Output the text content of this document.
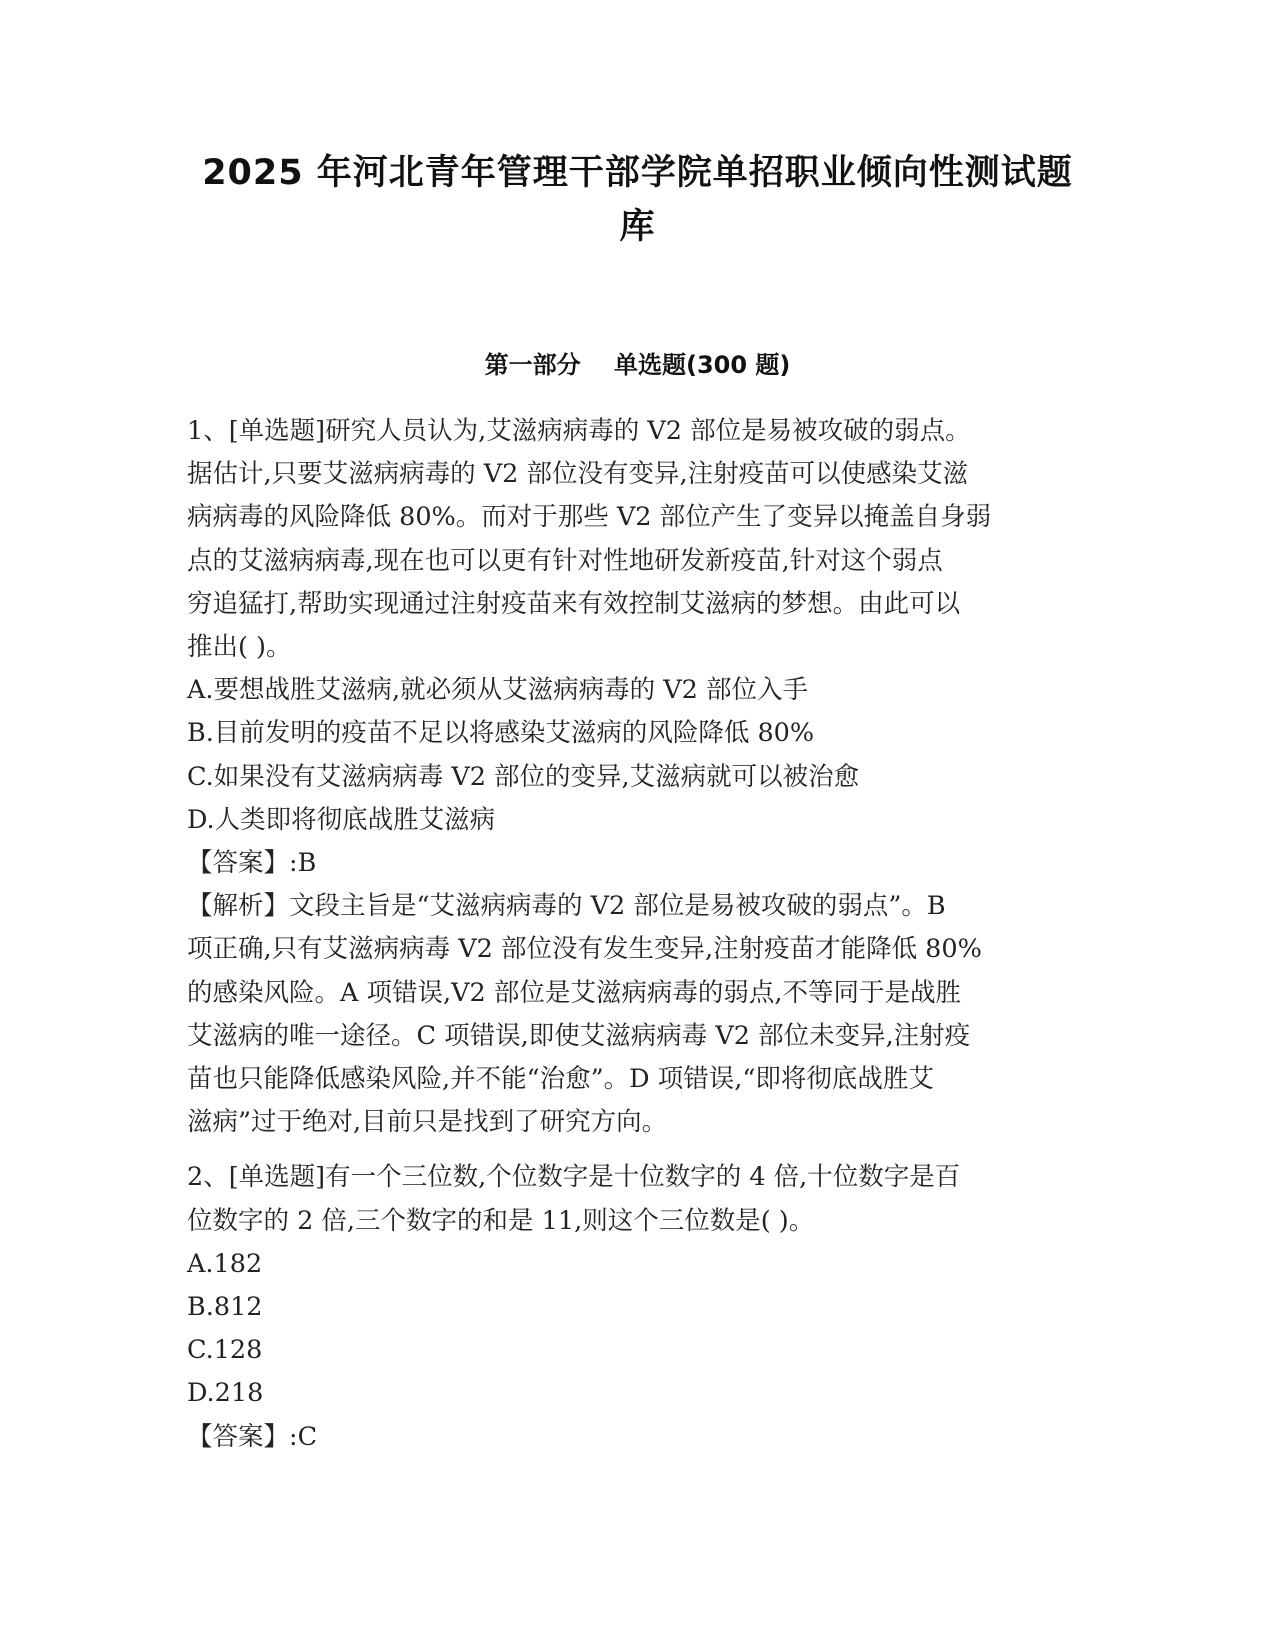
2025 年河北青年管理干部学院单招职业倾向性测试题
库
第一部分    单选题(300 题)

1、[单选题]研究人员认为,艾滋病病毒的 V2 部位是易被攻破的弱点。

据估计,只要艾滋病病毒的 V2 部位没有变异,注射疫苗可以使感染艾滋

病病毒的风险降低 80%。而对于那些 V2 部位产生了变异以掩盖自身弱

点的艾滋病病毒,现在也可以更有针对性地研发新疫苗,针对这个弱点

穷追猛打,帮助实现通过注射疫苗来有效控制艾滋病的梦想。由此可以

推出( )。

A.要想战胜艾滋病,就必须从艾滋病病毒的 V2 部位入手

B.目前发明的疫苗不足以将感染艾滋病的风险降低 80%

C.如果没有艾滋病病毒 V2 部位的变异,艾滋病就可以被治愈

D.人类即将彻底战胜艾滋病

【答案】:B

【解析】文段主旨是“艾滋病病毒的 V2 部位是易被攻破的弱点”。B

项正确,只有艾滋病病毒 V2 部位没有发生变异,注射疫苗才能降低 80%

的感染风险。A 项错误,V2 部位是艾滋病病毒的弱点,不等同于是战胜

艾滋病的唯一途径。C 项错误,即使艾滋病病毒 V2 部位未变异,注射疫

苗也只能降低感染风险,并不能“治愈”。D 项错误,“即将彻底战胜艾

滋病”过于绝对,目前只是找到了研究方向。

2、[单选题]有一个三位数,个位数字是十位数字的 4 倍,十位数字是百

位数字的 2 倍,三个数字的和是 11,则这个三位数是( )。

A.182

B.812

C.128

D.218

【答案】:C
